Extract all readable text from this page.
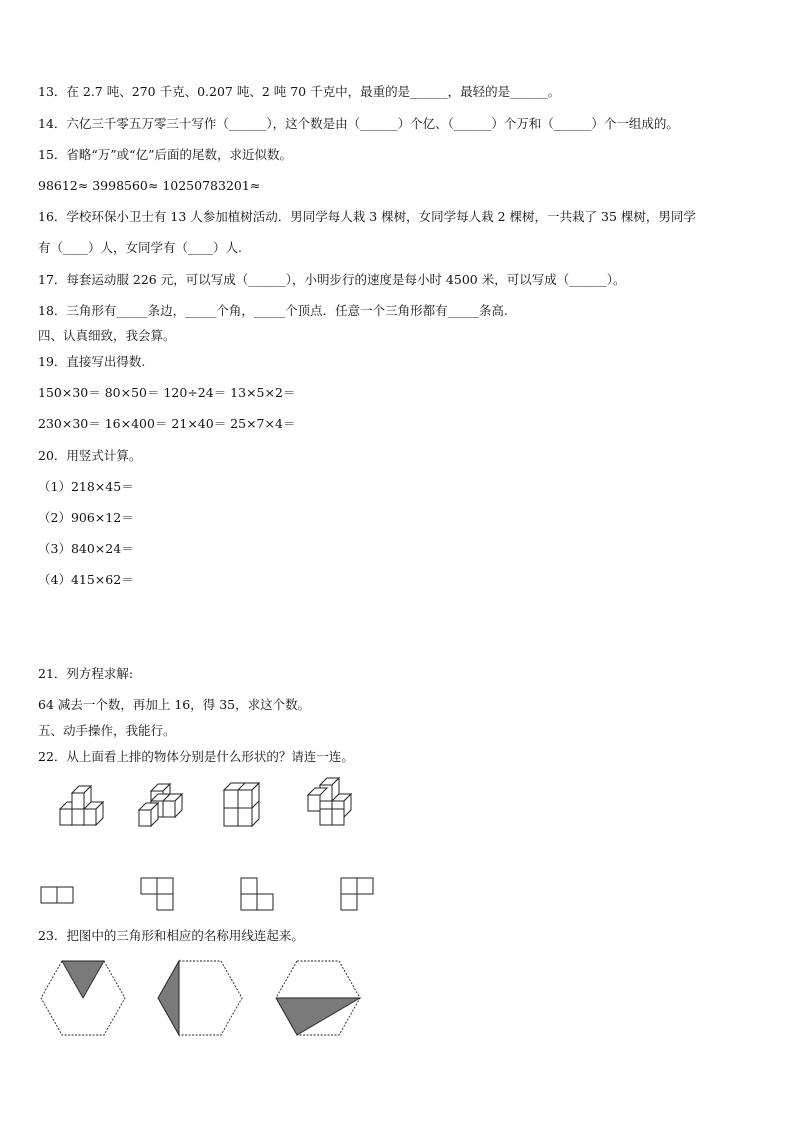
13．在 2.7 吨、270 千克、0.207 吨、2 吨 70 千克中，最重的是______，最轻的是______。
14．六亿三千零五万零三十写作（______），这个数是由（______）个亿、（______）个万和（______）个一组成的。
15．省略“万”或“亿”后面的尾数，求近似数。
98612≈ 3998560≈ 10250783201≈
16．学校环保小卫士有 13 人参加植树活动．男同学每人栽 3 棵树，女同学每人栽 2 棵树，一共栽了 35 棵树，男同学
有（____）人，女同学有（____）人.
17．每套运动服 226 元，可以写成（______），小明步行的速度是每小时 4500 米，可以写成（______）。
18．三角形有_____条边，_____个角，_____个顶点．任意一个三角形都有_____条高.
四、认真细致，我会算。
19．直接写出得数.
150×30＝ 80×50＝ 120÷24＝ 13×5×2＝
230×30＝ 16×400＝ 21×40＝ 25×7×4＝
20．用竖式计算。
（1）218×45＝
（2）906×12＝
（3）840×24＝
（4）415×62＝
21．列方程求解:
64 减去一个数，再加上 16，得 35，求这个数。
五、动手操作，我能行。
22．从上面看上排的物体分别是什么形状的？请连一连。
23．把图中的三角形和相应的名称用线连起来。
